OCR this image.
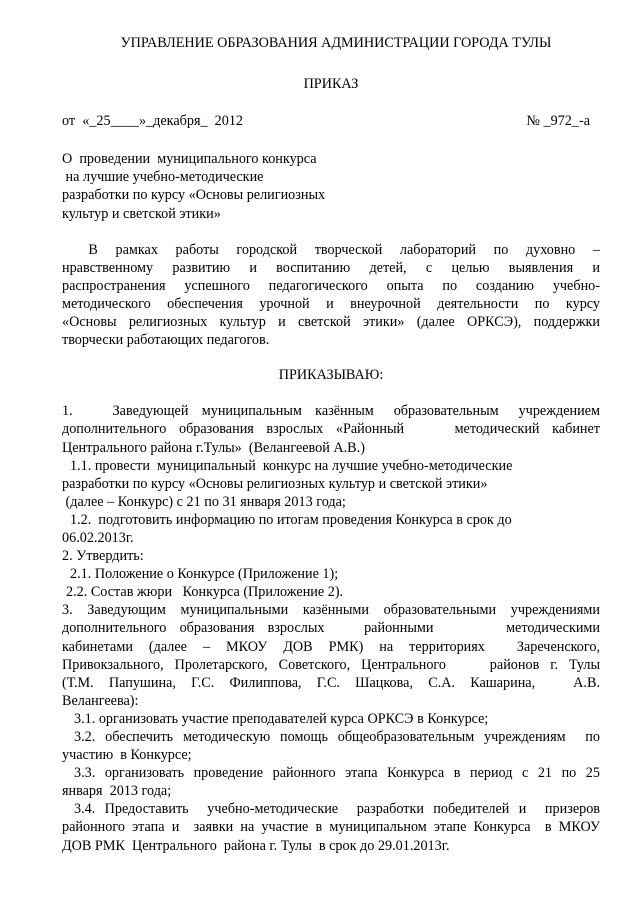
УПРАВЛЕНИЕ ОБРАЗОВАНИЯ АДМИНИСТРАЦИИ ГОРОДА ТУЛЫ

ПРИКАЗ

от  «_25____»_декабря_  2012	№ _972_-а
О  проведении  муниципального конкурса
на лучшие учебно-методические
разработки по курсу «Основы религиозных
культур и светской этики»
В  рамках  работы  городской  творческой  лабораторий  по  духовно  –
нравственному развитию и воспитанию детей, с целью выявления и
распространения успешного педагогического опыта по созданию учебно-
методического обеспечения урочной и внеурочной деятельности по курсу
«Основы религиозных культур и светской этики» (далее ОРКСЭ), поддержки
творчески работающих педагогов.

ПРИКАЗЫВАЮ:

1.      Заведующей  муниципальным  казённым   образовательным   учреждением
дополнительного  образования  взрослых  «Районный        методический  кабинет
Центрального района г.Тулы»  (Велангеевой А.В.)
1.1. провести  муниципальный  конкурс на лучшие учебно-методические
разработки по курсу «Основы религиозных культур и светской этики»
(далее – Конкурс) с 21 по 31 января 2013 года;
1.2.  подготовить информацию по итогам проведения Конкурса в срок до
06.02.2013г.
2. Утвердить:
2.1. Положение о Конкурсе (Приложение 1);
2.2. Состав жюри   Конкурса (Приложение 2).
3. Заведующим муниципальными казёнными образовательными учреждениями
дополнительного  образования  взрослых      районными           методическими
кабинетами  (далее  –  МКОУ  ДОВ  РМК)  на  территориях    Зареченского,
Привокзального, Пролетарского, Советского, Центрального    районов г. Тулы
(Т.М.  Папушина,  Г.С.  Филиппова,  Г.С.  Шацкова,  С.А.  Кашарина,     А.В.
Велангеева):
3.1. организовать участие преподавателей курса ОРКСЭ в Конкурсе;
3.2. обеспечить методическую помощь общеобразовательным учреждениям  по
участию  в Конкурсе;
3.3. организовать проведение районного этапа Конкурса в период с 21 по 25
января  2013 года;
3.4. Предоставить  учебно-методические  разработки победителей и  призеров
районного этапа и  заявки на участие в муниципальном этапе Конкурса  в МКОУ
ДОВ РМК  Центрального  района г. Тулы  в срок до 29.01.2013г.
